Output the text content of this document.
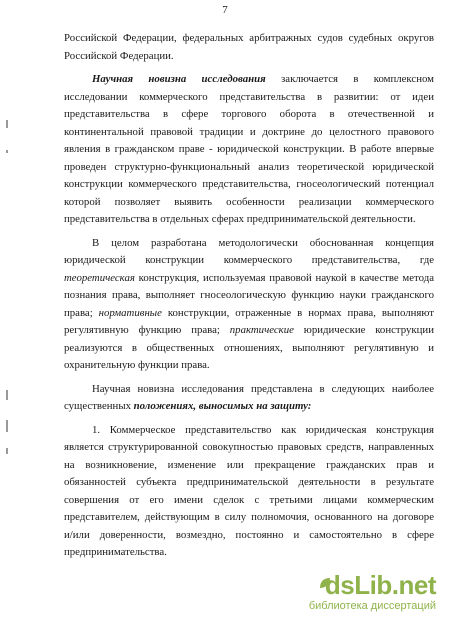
7
Российской Федерации, федеральных арбитражных судов судебных округов
Российской Федерации.
Научная новизна исследования заключается в комплексном
исследовании коммерческого представительства в развитии: от идеи
представительства в сфере торгового оборота в отечественной и
континентальной правовой традиции и доктрине до целостного правового
явления в гражданском праве - юридической конструкции. В работе впервые
проведен структурно-функциональный анализ теоретической юридической
конструкции коммерческого представительства, гносеологический потенциал
которой позволяет выявить особенности реализации коммерческого
представительства в отдельных сферах предпринимательской деятельности.
В целом разработана методологически обоснованная концепция
юридической конструкции коммерческого представительства, где
теоретическая конструкция, используемая правовой наукой в качестве метода
познания права, выполняет гносеологическую функцию науки гражданского
права; нормативные конструкции, отраженные в нормах права, выполняют
регулятивную функцию права; практические юридические конструкции
реализуются в общественных отношениях, выполняют регулятивную и
охранительную функции права.
Научная новизна исследования представлена в следующих наиболее
существенных положениях, выносимых на защиту:
1. Коммерческое представительство как юридическая конструкция
является структурированной совокупностью правовых средств, направленных
на возникновение, изменение или прекращение гражданских прав и
обязанностей субъекта предпринимательской деятельности в результате
совершения от его имени сделок с третьими лицами коммерческим
представителем, действующим в силу полномочия, основанного на договоре
и/или доверенности, возмездно, постоянно и самостоятельно в сфере
предпринимательства.
dsLib.net
библиотека диссертаций
